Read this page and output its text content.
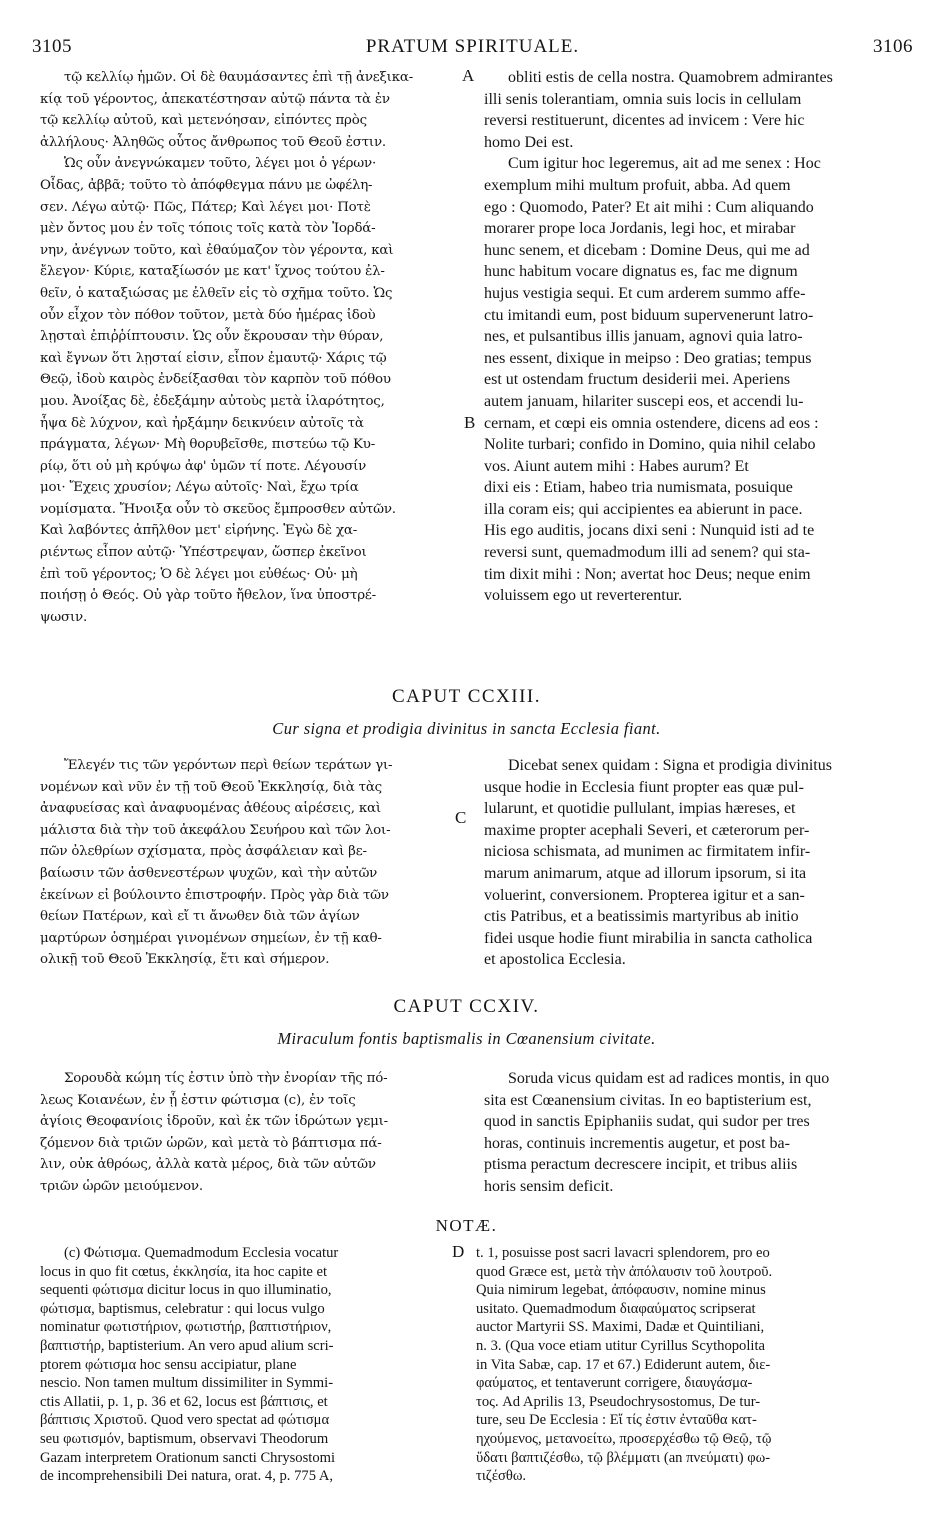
3105	PRATUM SPIRITUALE.	3106
τῷ κελλίῳ ἡμῶν. Οἱ δὲ θαυμάσαντες ἐπὶ τῇ ἀνεξικα-
κίᾳ τοῦ γέροντος, ἀπεκατέστησαν αὐτῷ πάντα τὰ ἐν
τῷ κελλίῳ αὐτοῦ, καὶ μετενόησαν, εἰπόντες πρὸς
ἀλλήλους· Ἀληθῶς οὗτος ἄνθρωπος τοῦ Θεοῦ ἐστιν.
Ὡς οὖν ἀνεγνώκαμεν τοῦτο, λέγει μοι ὁ γέρων·
Οἶδας, ἀββᾶ; τοῦτο τὸ ἀπόφθεγμα πάνυ με ὠφέλη-
σεν. Λέγω αὐτῷ· Πῶς, Πάτερ; Καὶ λέγει μοι· Ποτὲ
μὲν ὄντος μου ἐν τοῖς τόποις τοῖς κατὰ τὸν Ἰορδά-
νην, ἀνέγνων τοῦτο, καὶ ἐθαύμαζον τὸν γέροντα, καὶ
ἔλεγον· Κύριε, καταξίωσόν με κατ' ἴχνος τούτου ἐλ-
θεῖν, ὁ καταξιώσας με ἐλθεῖν εἰς τὸ σχῆμα τοῦτο. Ὡς
οὖν εἶχον τὸν πόθον τοῦτον, μετὰ δύο ἡμέρας ἰδοὺ
λῃσταὶ ἐπιῤῥίπτουσιν. Ὡς οὖν ἔκρουσαν τὴν θύραν,
καὶ ἔγνων ὅτι λῃσταί εἰσιν, εἶπον ἐμαυτῷ· Χάρις τῷ
Θεῷ, ἰδοὺ καιρὸς ἐνδείξασθαι τὸν καρπὸν τοῦ πόθου
μου. Ἀνοίξας δὲ, ἐδεξάμην αὐτοὺς μετὰ ἱλαρότητος,
ἧψα δὲ λύχνον, καὶ ἠρξάμην δεικνύειν αὐτοῖς τὰ
πράγματα, λέγων· Μὴ θορυβεῖσθε, πιστεύω τῷ Κυ-
ρίῳ, ὅτι οὐ μὴ κρύψω ἀφ' ὑμῶν τί ποτε. Λέγουσίν
μοι· Ἔχεις χρυσίον; Λέγω αὐτοῖς· Ναὶ, ἔχω τρία
νομίσματα. Ἤνοιξα οὖν τὸ σκεῦος ἔμπροσθεν αὐτῶν.
Καὶ λαβόντες ἀπῆλθον μετ' εἰρήνης. Ἐγὼ δὲ χα-
ριέντως εἶπον αὐτῷ· Ὑπέστρεψαν, ὥσπερ ἐκεῖνοι
ἐπὶ τοῦ γέροντος; Ὁ δὲ λέγει μοι εὐθέως· Οὐ· μὴ
ποιήσῃ ὁ Θεός. Οὐ γὰρ τοῦτο ἤθελον, ἵνα ὑποστρέ-
ψωσιν.
obliti estis de cella nostra. Quamobrem admirantes
illi senis tolerantiam, omnia suis locis in cellulam
reversi restituerunt, dicentes ad invicem : Vere hic
homo Dei est.
Cum igitur hoc legeremus, ait ad me senex : Hoc
exemplum mihi multum profuit, abba. Ad quem
ego : Quomodo, Pater? Et ait mihi : Cum aliquando
morarer prope loca Jordanis, legi hoc, et mirabar
hunc senem, et dicebam : Domine Deus, qui me ad
hunc habitum vocare dignatus es, fac me dignum
hujus vestigia sequi. Et cum arderem summo affe-
ctu imitandi eum, post biduum supervenerunt latro-
nes, et pulsantibus illis januam, agnovi quia latro-
nes essent, dixique in meipso : Deo gratias; tempus
est ut ostendam fructum desiderii mei. Aperiens
autem januam, hilariter suscepi eos, et accendi lu-
cernam, et cœpi eis omnia ostendere, dicens ad eos :
Nolite turbari; confido in Domino, quia nihil celabo
vos. Aiunt autem mihi : Habes aurum? Et
dixi eis : Etiam, habeo tria numismata, posuique
illa coram eis; qui accipientes ea abierunt in pace.
His ego auditis, jocans dixi seni : Nunquid isti ad te
reversi sunt, quemadmodum illi ad senem? qui sta-
tim dixit mihi : Non; avertat hoc Deus; neque enim
voluissem ego ut reverterentur.
A
B
CAPUT CCXIII.
Cur signa et prodigia divinitus in sancta Ecclesia fiant.
Ἔλεγέν τις τῶν γερόντων περὶ θείων τεράτων γι-
νομένων καὶ νῦν ἐν τῇ τοῦ Θεοῦ Ἐκκλησίᾳ, διὰ τὰς
ἀναφυείσας καὶ ἀναφυομένας ἀθέους αἱρέσεις, καὶ
μάλιστα διὰ τὴν τοῦ ἀκεφάλου Σευήρου καὶ τῶν λοι-
πῶν ὀλεθρίων σχίσματα, πρὸς ἀσφάλειαν καὶ βε-
βαίωσιν τῶν ἀσθενεστέρων ψυχῶν, καὶ τὴν αὐτῶν
ἐκείνων εἰ βούλοιντο ἐπιστροφήν. Πρὸς γὰρ διὰ τῶν
θείων Πατέρων, καὶ εἴ τι ἄνωθεν διὰ τῶν ἁγίων
μαρτύρων ὁσημέραι γινομένων σημείων, ἐν τῇ καθ-
ολικῇ τοῦ Θεοῦ Ἐκκλησίᾳ, ἔτι καὶ σήμερον.
Dicebat senex quidam : Signa et prodigia divinitus
usque hodie in Ecclesia fiunt propter eas quæ pul-
lularunt, et quotidie pullulant, impias hæreses, et
maxime propter acephali Severi, et cæterorum per-
niciosa schismata, ad munimen ac firmitatem infir-
marum animarum, atque ad illorum ipsorum, si ita
voluerint, conversionem. Propterea igitur et a san-
ctis Patribus, et a beatissimis martyribus ab initio
fidei usque hodie fiunt mirabilia in sancta catholica
et apostolica Ecclesia.
C
CAPUT CCXIV.
Miraculum fontis baptismalis in Cœanensium civitate.
Σορουδὰ κώμη τίς ἐστιν ὑπὸ τὴν ἐνορίαν τῆς πό-
λεως Κοιανέων, ἐν ᾗ ἐστιν φώτισμα (c), ἐν τοῖς
ἁγίοις Θεοφανίοις ἱδροῦν, καὶ ἐκ τῶν ἱδρώτων γεμι-
ζόμενον διὰ τριῶν ὡρῶν, καὶ μετὰ τὸ βάπτισμα πά-
λιν, οὐκ ἀθρόως, ἀλλὰ κατὰ μέρος, διὰ τῶν αὐτῶν
τριῶν ὡρῶν μειούμενον.
Soruda vicus quidam est ad radices montis, in quo
sita est Cœanensium civitas. In eo baptisterium est,
quod in sanctis Epiphaniis sudat, qui sudor per tres
horas, continuis incrementis augetur, et post ba-
ptisma peractum decrescere incipit, et tribus aliis
horis sensim deficit.
NOTÆ.
(c) Φώτισμα. Quemadmodum Ecclesia vocatur
locus in quo fit cœtus, ἐκκλησία, ita hoc capite et
sequenti φώτισμα dicitur locus in quo illuminatio,
φώτισμα, baptismus, celebratur : qui locus vulgo
nominatur φωτιστήριον, φωτιστήρ, βαπτιστήριον,
βαπτιστήρ, baptisterium. An vero apud alium scri-
ptorem φώτισμα hoc sensu accipiatur, plane
nescio. Non tamen multum dissimiliter in Symmi-
ctis Allatii, p. 1, p. 36 et 62, locus est βάπτισις, et
βάπτισις Χριστοῦ. Quod vero spectat ad φώτισμα
seu φωτισμόν, baptismum, observavi Theodorum
Gazam interpretem Orationum sancti Chrysostomi
de incomprehensibili Dei natura, orat. 4, p. 775 A,
t. 1, posuisse post sacri lavacri splendorem, pro eo
quod Græce est, μετὰ τὴν ἀπόλαυσιν τοῦ λουτροῦ.
Quia nimirum legebat, ἀπόφαυσιν, nomine minus
usitato. Quemadmodum διαφαύματος scripserat
auctor Martyrii SS. Maximi, Dadæ et Quintiliani,
n. 3. (Qua voce etiam utitur Cyrillus Scythopolita
in Vita Sabæ, cap. 17 et 67.) Ediderunt autem, διε-
φαύματος, et tentaverunt corrigere, διαυγάσμα-
τος. Ad Aprilis 13, Pseudochrysostomus, De tur-
ture, seu De Ecclesia : Εἴ τίς ἐστιν ἐνταῦθα κατ-
ηχούμενος, μετανοείτω, προσερχέσθω τῷ Θεῷ, τῷ
ὕδατι βαπτιζέσθω, τῷ βλέμματι (an πνεύματι) φω-
τιζέσθω.
D
